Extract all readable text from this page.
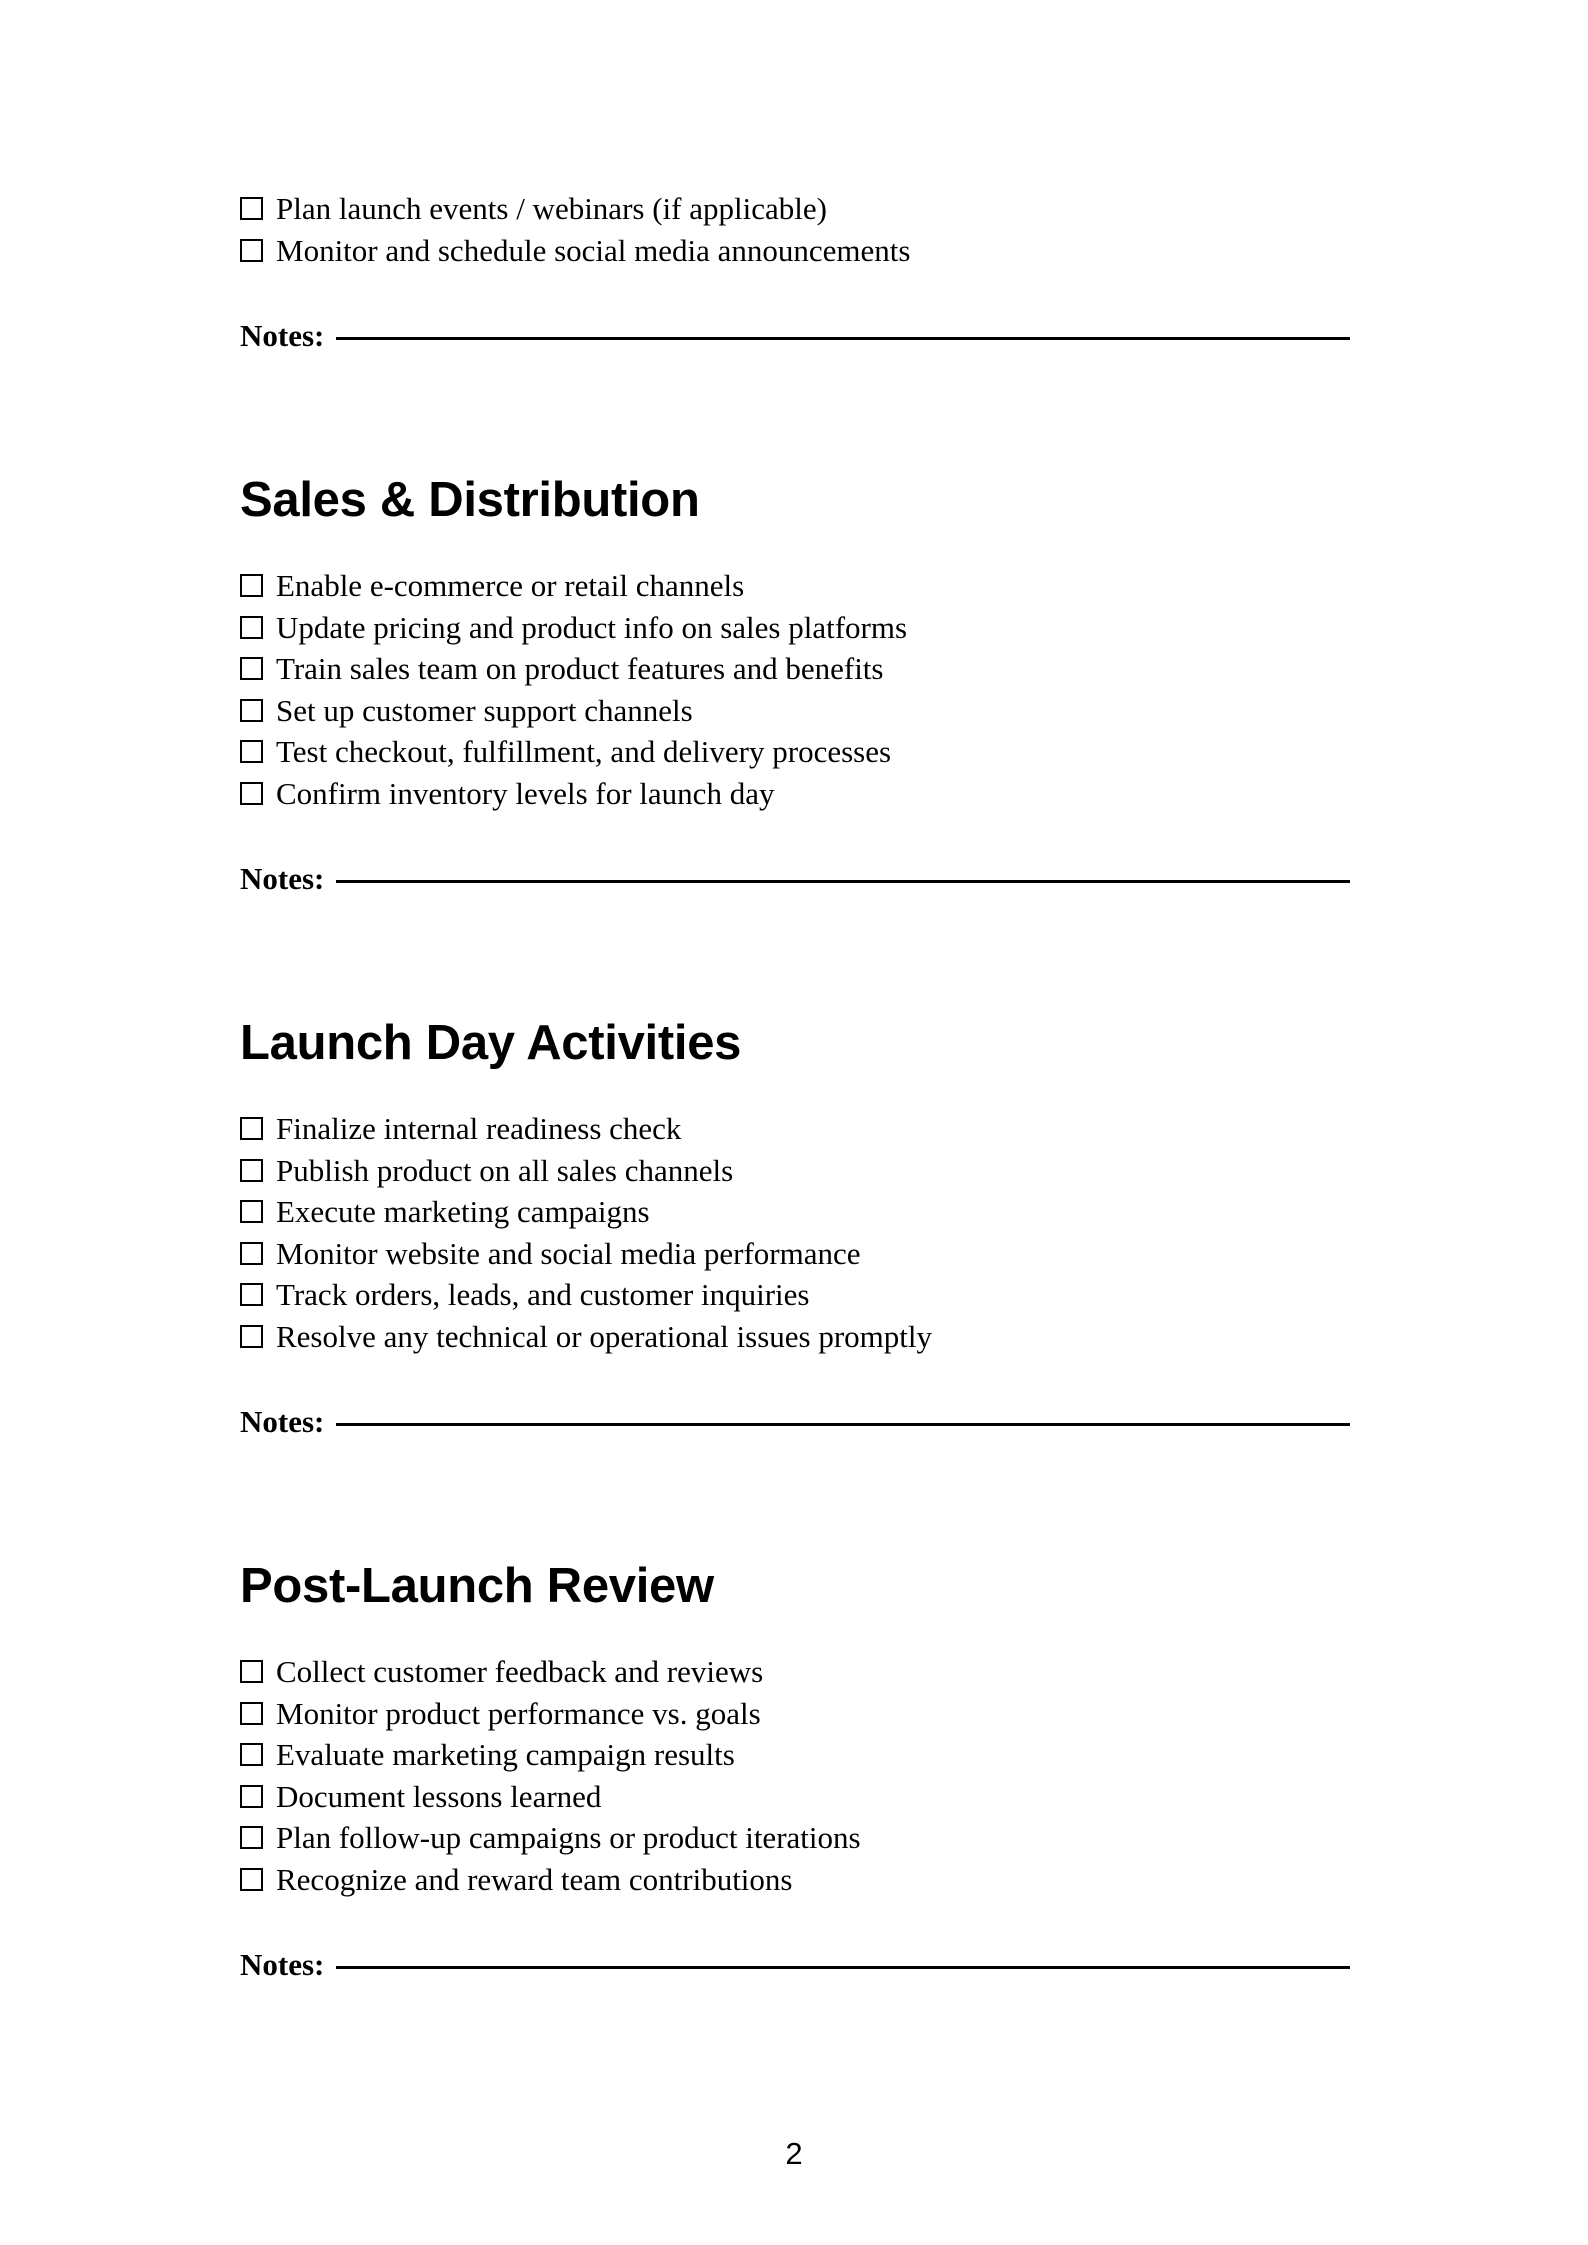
Plan launch events / webinars (if applicable)
Monitor and schedule social media announcements
Notes:
Sales & Distribution
Enable e-commerce or retail channels
Update pricing and product info on sales platforms
Train sales team on product features and benefits
Set up customer support channels
Test checkout, fulfillment, and delivery processes
Confirm inventory levels for launch day
Notes:
Launch Day Activities
Finalize internal readiness check
Publish product on all sales channels
Execute marketing campaigns
Monitor website and social media performance
Track orders, leads, and customer inquiries
Resolve any technical or operational issues promptly
Notes:
Post-Launch Review
Collect customer feedback and reviews
Monitor product performance vs. goals
Evaluate marketing campaign results
Document lessons learned
Plan follow-up campaigns or product iterations
Recognize and reward team contributions
Notes:
2
